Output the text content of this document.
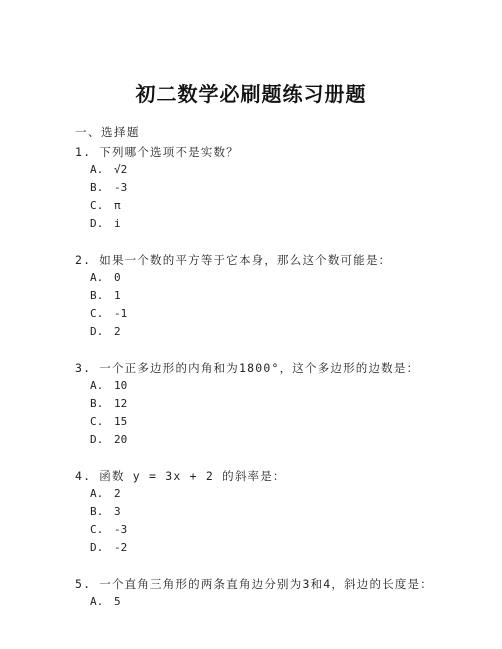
初二数学必刷题练习册题
一、选择题
1. 下列哪个选项不是实数？
A. √2
B. -3
C. π
D. i
2. 如果一个数的平方等于它本身，那么这个数可能是：
A. 0
B. 1
C. -1
D. 2
3. 一个正多边形的内角和为1800°，这个多边形的边数是：
A. 10
B. 12
C. 15
D. 20
4. 函数 y = 3x + 2 的斜率是：
A. 2
B. 3
C. -3
D. -2
5. 一个直角三角形的两条直角边分别为3和4，斜边的长度是：
A. 5
